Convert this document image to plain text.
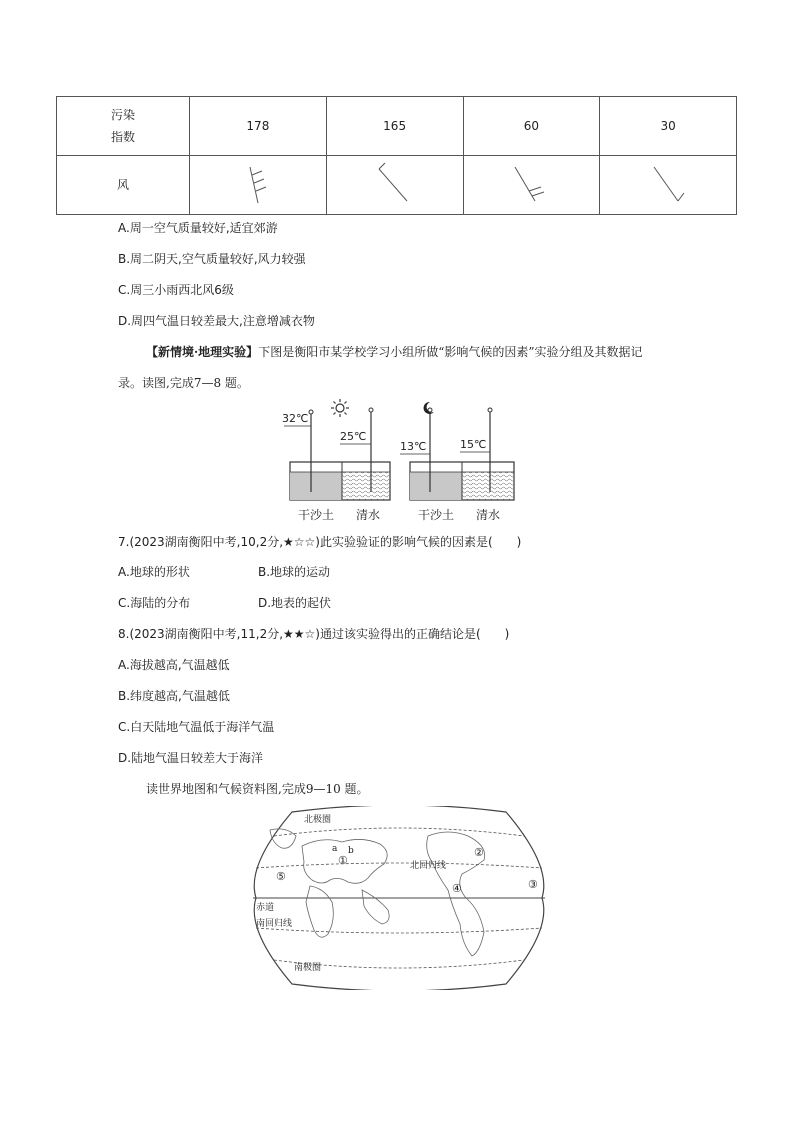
污染
指数	178	165	60	30
风				
A.周一空气质量较好,适宜郊游
B.周二阴天,空气质量较好,风力较强
C.周三小雨西北风6级
D.周四气温日较差最大,注意增减衣物
【新情境·地理实验】下图是衡阳市某学校学习小组所做“影响气候的因素”实验分组及其数据记
录。读图,完成7—8 题。
32℃
25℃
13℃	15℃
干沙土 清水	干沙土 清水
7.(2023湖南衡阳中考,10,2分,★☆☆)此实验验证的影响气候的因素是(　　)
A.地球的形状	B.地球的运动
C.海陆的分布	D.地表的起伏
8.(2023湖南衡阳中考,11,2分,★★☆)通过该实验得出的正确结论是(　　)
A.海拔越高,气温越低
B.纬度越高,气温越低
C.白天陆地气温低于海洋气温
D.陆地气温日较差大于海洋
读世界地图和气候资料图,完成9—10 题。
北极圈
北回归线
赤道
南回归线
南极圈
①
②
③
④
⑤
a b
